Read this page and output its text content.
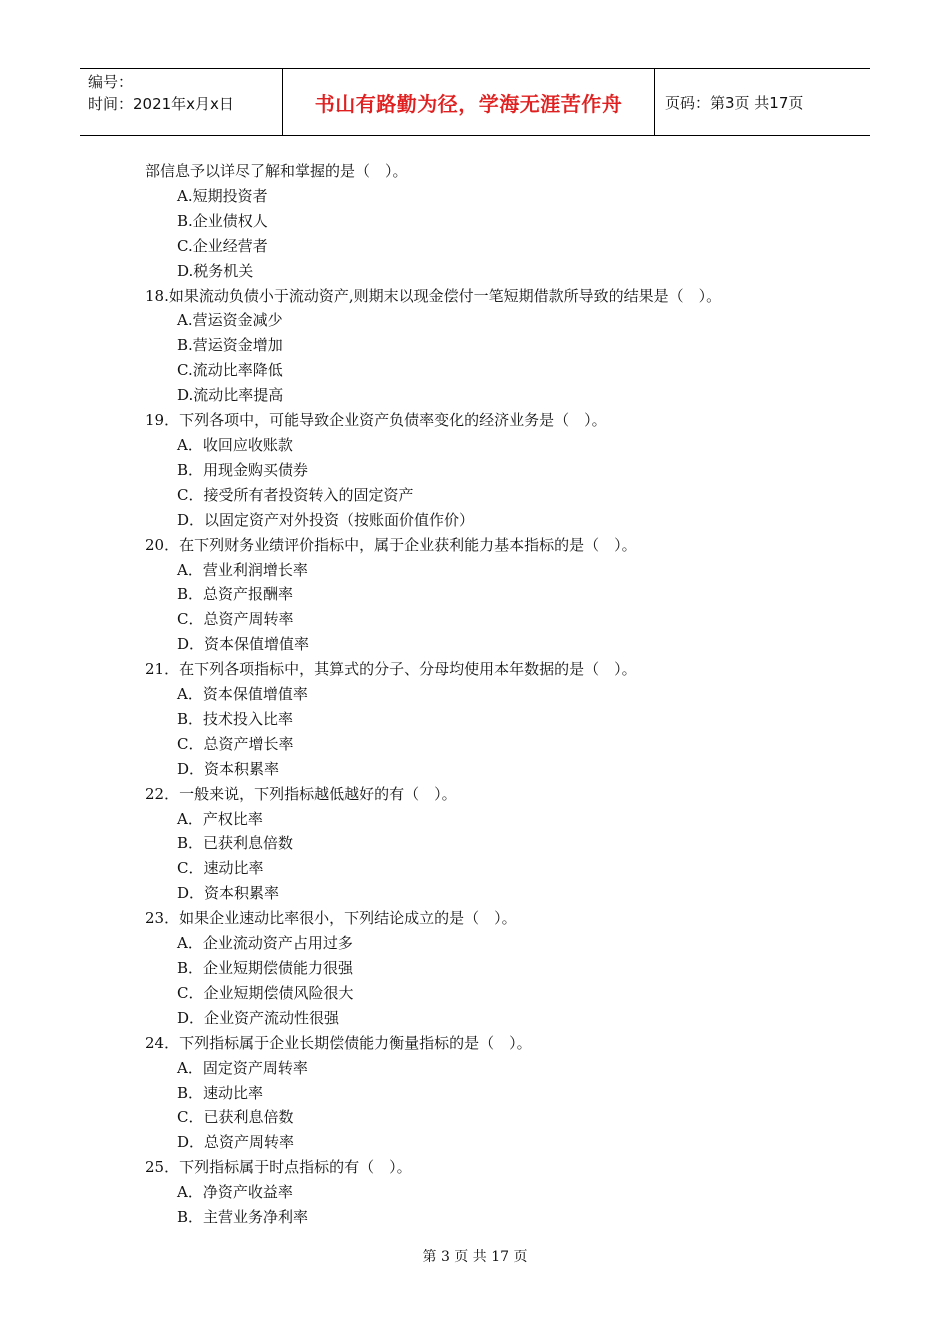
编号：
时间：2021年x月x日	书山有路勤为径，学海无涯苦作舟	页码：第3页 共17页
部信息予以详尽了解和掌握的是（　）。
A.短期投资者
B.企业债权人
C.企业经营者
D.税务机关
18.如果流动负债小于流动资产,则期末以现金偿付一笔短期借款所导致的结果是（　）。
A.营运资金减少
B.营运资金增加
C.流动比率降低
D.流动比率提高
19．下列各项中，可能导致企业资产负债率变化的经济业务是（　）。
A．收回应收账款
B．用现金购买债券
C．接受所有者投资转入的固定资产
D．以固定资产对外投资（按账面价值作价）
20．在下列财务业绩评价指标中，属于企业获利能力基本指标的是（　）。
A．营业利润增长率
B．总资产报酬率
C．总资产周转率
D．资本保值增值率
21．在下列各项指标中，其算式的分子、分母均使用本年数据的是（　）。
A．资本保值增值率
B．技术投入比率
C．总资产增长率
D．资本积累率
22．一般来说，下列指标越低越好的有（　）。
A．产权比率
B．已获利息倍数
C．速动比率
D．资本积累率
23．如果企业速动比率很小，下列结论成立的是（　）。
A．企业流动资产占用过多
B．企业短期偿债能力很强
C．企业短期偿债风险很大
D．企业资产流动性很强
24．下列指标属于企业长期偿债能力衡量指标的是（　）。
A．固定资产周转率
B．速动比率
C．已获利息倍数
D．总资产周转率
25．下列指标属于时点指标的有（　）。
A．净资产收益率
B．主营业务净利率
第 3 页 共 17 页
